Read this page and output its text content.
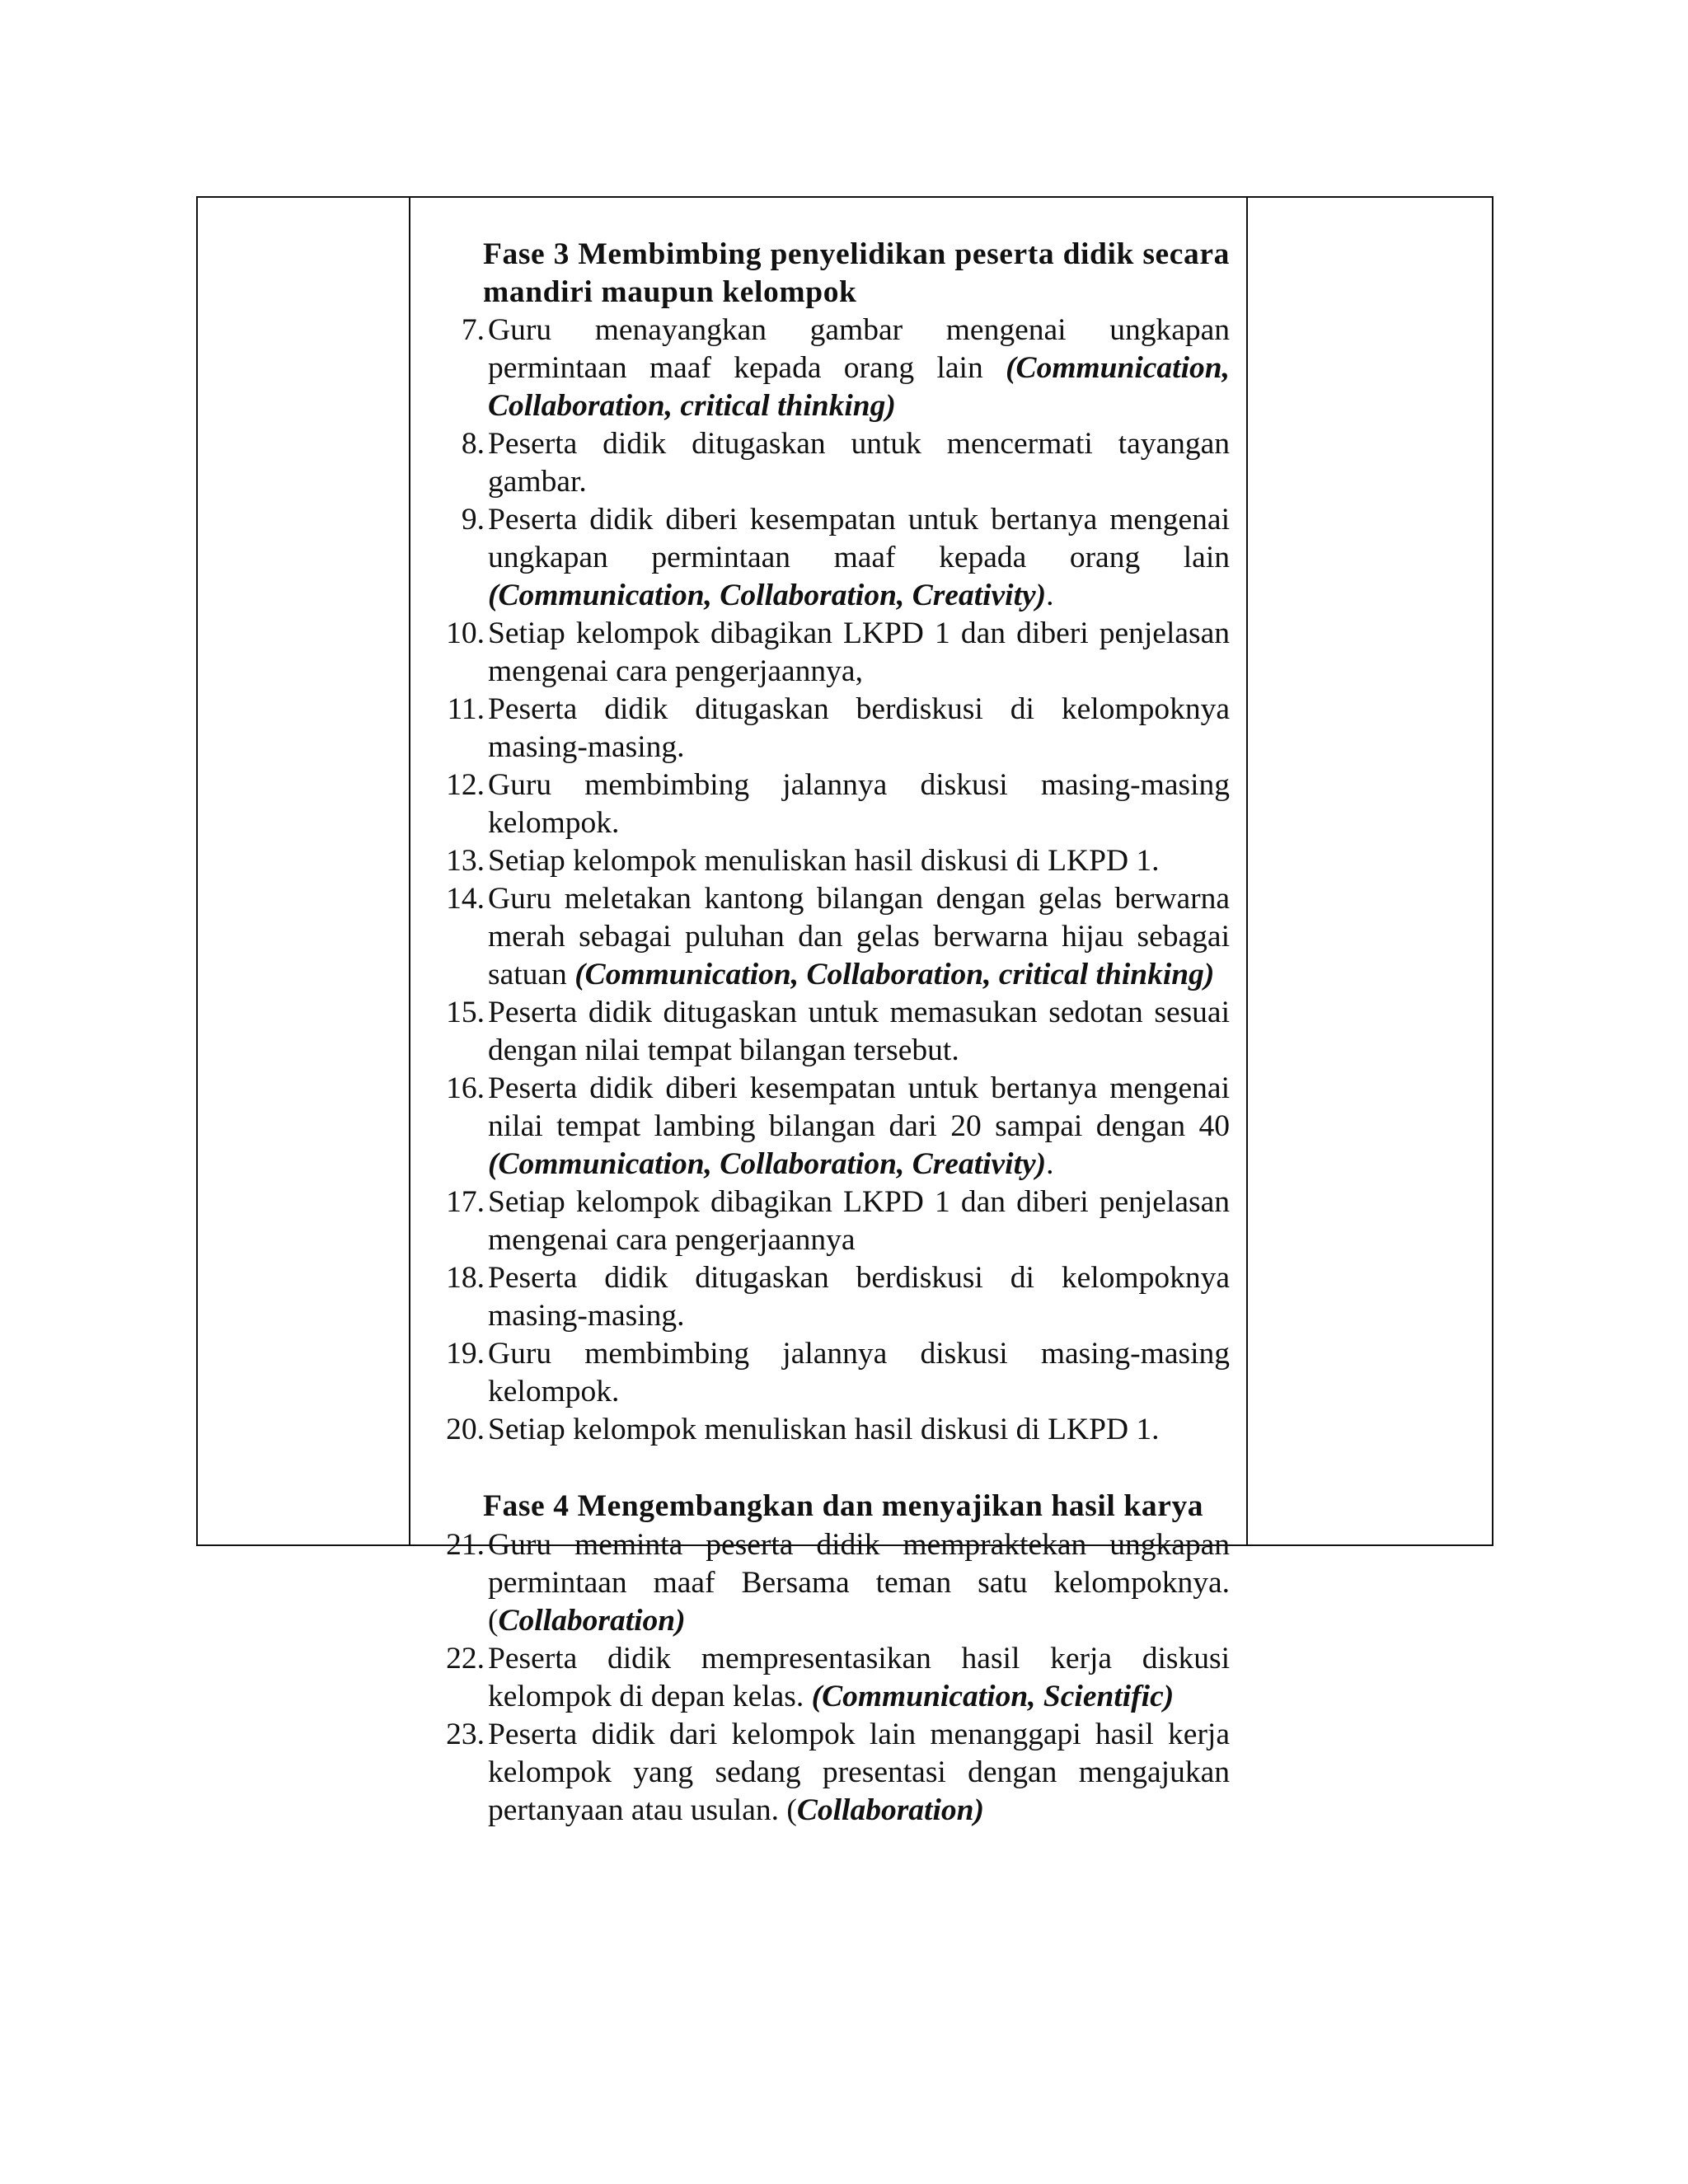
Fase 3 Membimbing penyelidikan peserta didik secara mandiri maupun kelompok
7. Guru menayangkan gambar mengenai ungkapan permintaan maaf kepada orang lain (Communication, Collaboration, critical thinking)
8. Peserta didik ditugaskan untuk mencermati tayangan gambar.
9. Peserta didik diberi kesempatan untuk bertanya mengenai ungkapan permintaan maaf kepada orang lain (Communication, Collaboration, Creativity).
10. Setiap kelompok dibagikan LKPD 1 dan diberi penjelasan mengenai cara pengerjaannya,
11. Peserta didik ditugaskan berdiskusi di kelompoknya masing-masing.
12. Guru membimbing jalannya diskusi masing-masing kelompok.
13. Setiap kelompok menuliskan hasil diskusi di LKPD 1.
14. Guru meletakan kantong bilangan dengan gelas berwarna merah sebagai puluhan dan gelas berwarna hijau sebagai satuan (Communication, Collaboration, critical thinking)
15. Peserta didik ditugaskan untuk memasukan sedotan sesuai dengan nilai tempat bilangan tersebut.
16. Peserta didik diberi kesempatan untuk bertanya mengenai nilai tempat lambing bilangan dari 20 sampai dengan 40 (Communication, Collaboration, Creativity).
17. Setiap kelompok dibagikan LKPD 1 dan diberi penjelasan mengenai cara pengerjaannya
18. Peserta didik ditugaskan berdiskusi di kelompoknya masing-masing.
19. Guru membimbing jalannya diskusi masing-masing kelompok.
20. Setiap kelompok menuliskan hasil diskusi di LKPD 1.
Fase 4 Mengembangkan dan menyajikan hasil karya
21. Guru meminta peserta didik mempraktekan ungkapan permintaan maaf Bersama teman satu kelompoknya. (Collaboration)
22. Peserta didik mempresentasikan hasil kerja diskusi kelompok di depan kelas. (Communication, Scientific)
23. Peserta didik dari kelompok lain menanggapi hasil kerja kelompok yang sedang presentasi dengan mengajukan pertanyaan atau usulan. (Collaboration)
